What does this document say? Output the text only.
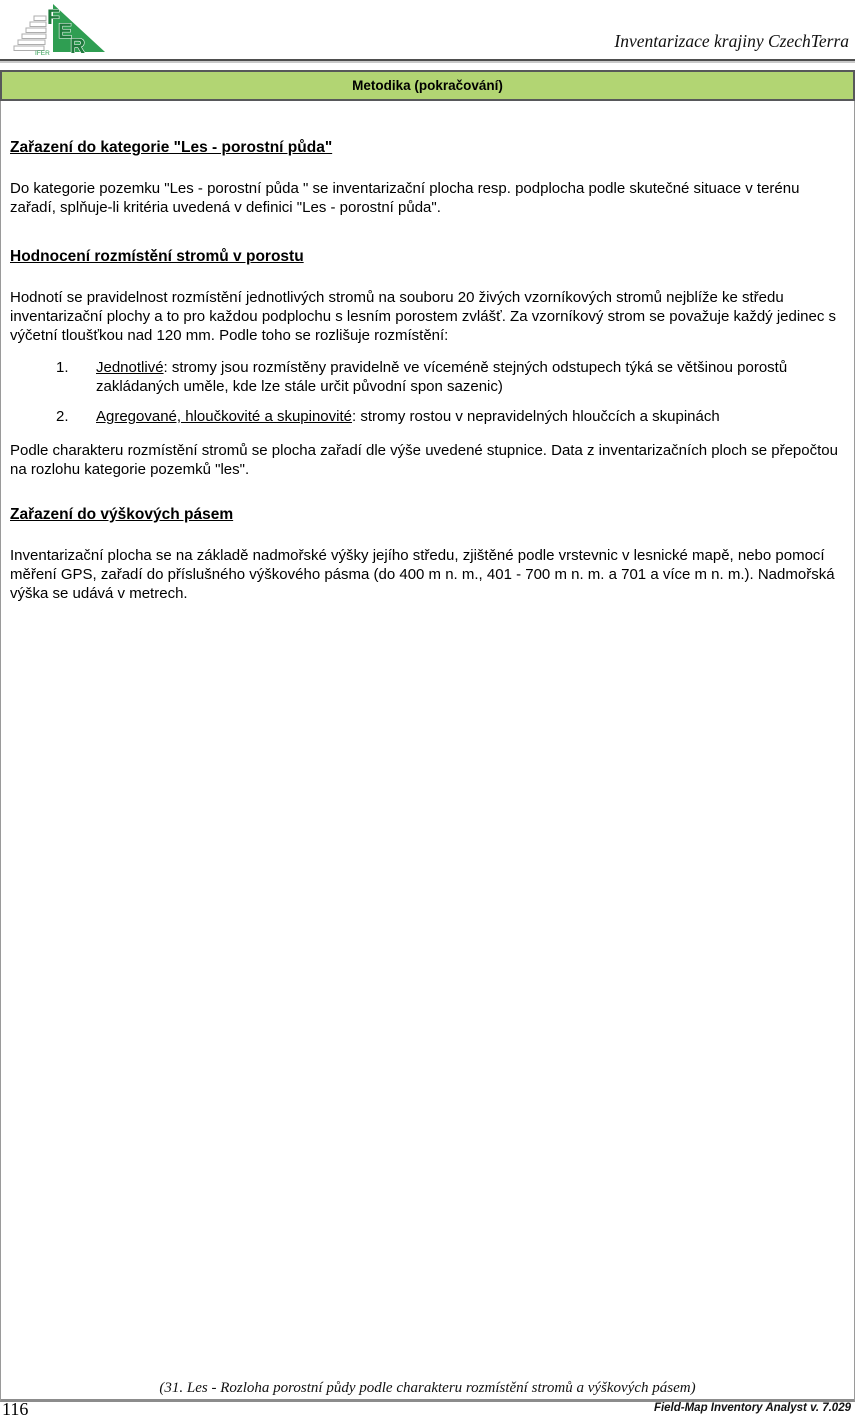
F
E
R
IFER
Inventarizace krajiny CzechTerra
Metodika (pokračování)
Zařazení do kategorie "Les - porostní půda"

Do kategorie pozemku "Les - porostní půda " se inventarizační plocha resp. podplocha podle skutečné situace v terénu zařadí, splňuje-li kritéria uvedená v definici "Les - porostní půda".

Hodnocení rozmístění stromů v porostu

Hodnotí se pravidelnost rozmístění jednotlivých stromů na souboru 20 živých vzorníkových stromů nejblíže ke středu inventarizační plochy a to pro každou podplochu s lesním porostem zvlášť. Za vzorníkový strom se považuje každý jedinec s výčetní tloušťkou nad 120 mm. Podle toho se rozlišuje rozmístění:

1.	Jednotlivé: stromy jsou rozmístěny pravidelně ve víceméně stejných odstupech týká se většinou porostů zakládaných uměle, kde lze stále určit původní spon sazenic)
2.	Agregované, hloučkovité a skupinovité: stromy rostou v nepravidelných hloučcích a skupinách

Podle charakteru rozmístění stromů se plocha zařadí dle výše uvedené stupnice. Data z inventarizačních ploch se přepočtou na rozlohu kategorie pozemků "les".

Zařazení do výškových pásem

Inventarizační plocha se na základě nadmořské výšky jejího středu, zjištěné podle vrstevnic v lesnické mapě, nebo pomocí měření GPS, zařadí do příslušného výškového pásma (do 400 m n. m., 401 - 700 m n. m. a 701 a více m n. m.). Nadmořská výška se udává v metrech.

(31. Les - Rozloha porostní půdy podle charakteru rozmístění stromů a výškových pásem)
116	Field-Map Inventory Analyst v. 7.029
